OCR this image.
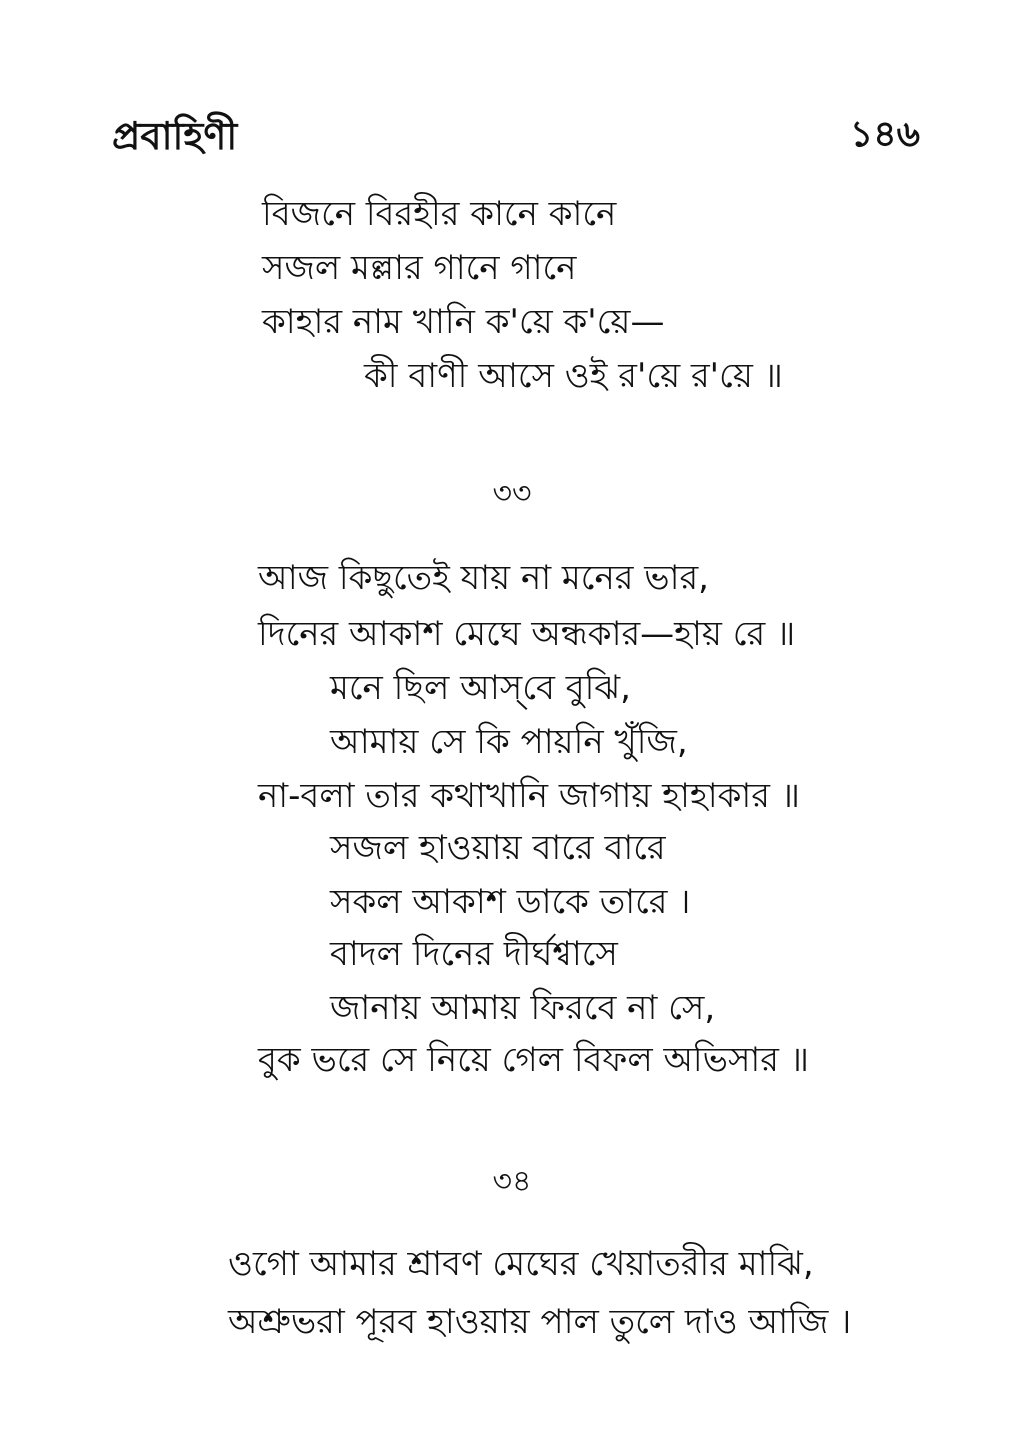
প্রবাহিণী	১৪৬
বিজনে বিরহীর কানে কানে
সজল মল্লার গানে গানে
কাহার নাম খানি ক'য়ে ক'য়ে—
কী বাণী আসে ওই র'য়ে র'য়ে ॥
৩৩
আজ কিছুতেই যায় না মনের ভার,
দিনের আকাশ মেঘে অন্ধকার—হায় রে ॥
মনে ছিল আস্‌বে বুঝি,
আমায় সে কি পায়নি খুঁজি,
না-বলা তার কথাখানি জাগায় হাহাকার ॥
সজল হাওয়ায় বারে বারে
সকল আকাশ ডাকে তারে ।
বাদল দিনের দীর্ঘশ্বাসে
জানায় আমায় ফিরবে না সে,
বুক ভরে সে নিয়ে গেল বিফল অভিসার ॥
৩৪
ওগো আমার শ্রাবণ মেঘের খেয়াতরীর মাঝি,
অশ্রুভরা পূরব হাওয়ায় পাল তুলে দাও আজি ।
